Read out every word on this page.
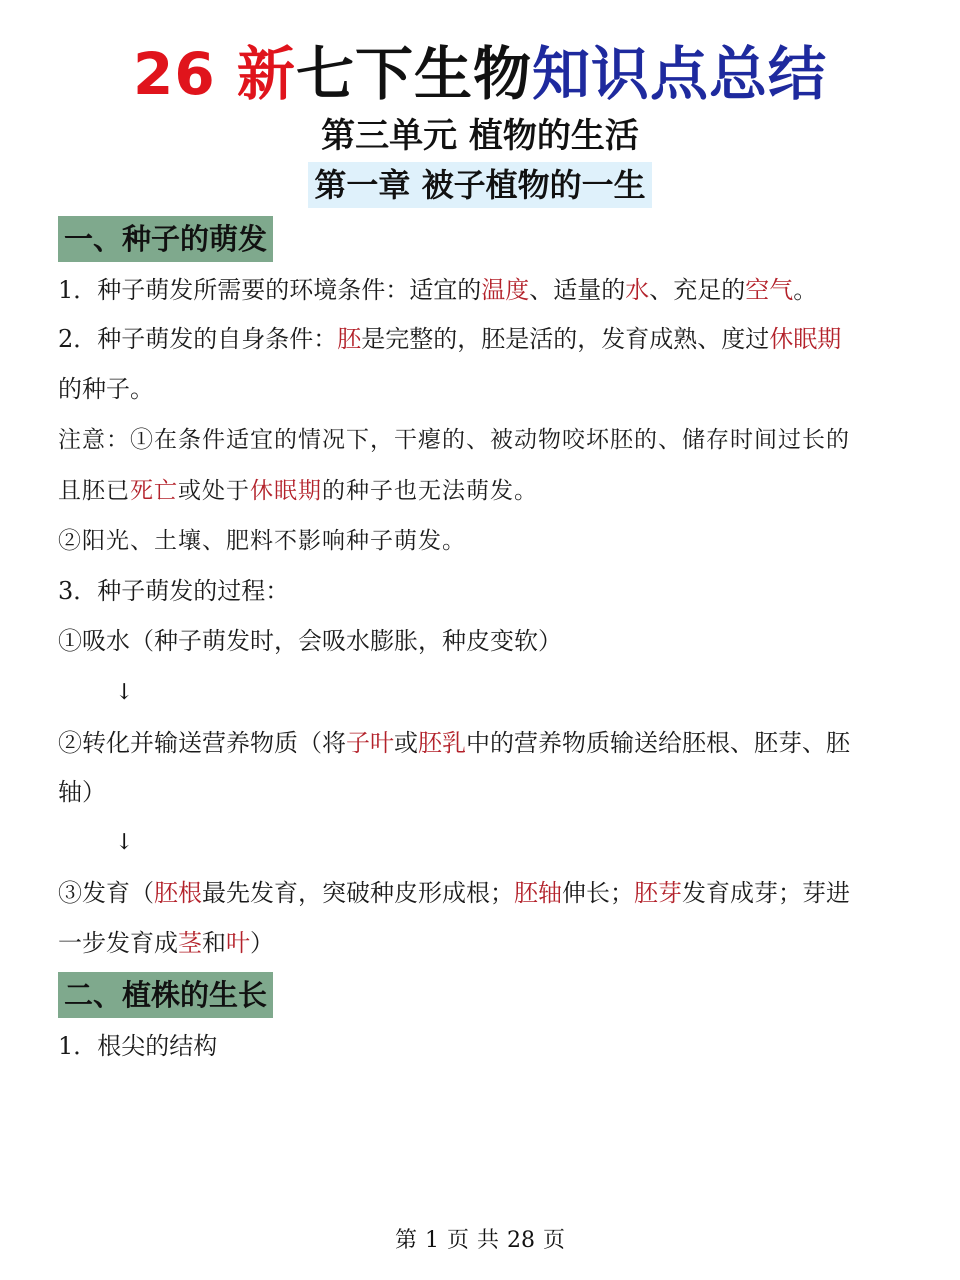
26 新七下生物知识点总结
第三单元 植物的生活
第一章 被子植物的一生
一、种子的萌发
1．种子萌发所需要的环境条件：适宜的温度、适量的水、充足的空气。
2．种子萌发的自身条件：胚是完整的，胚是活的，发育成熟、度过休眠期
的种子。
注意：①在条件适宜的情况下，干瘪的、被动物咬坏胚的、储存时间过长的
且胚已死亡或处于休眠期的种子也无法萌发。
②阳光、土壤、肥料不影响种子萌发。
3．种子萌发的过程：
①吸水（种子萌发时，会吸水膨胀，种皮变软）
↓
②转化并输送营养物质（将子叶或胚乳中的营养物质输送给胚根、胚芽、胚
轴）
↓
③发育（胚根最先发育，突破种皮形成根；胚轴伸长；胚芽发育成芽；芽进
一步发育成茎和叶）
二、植株的生长
1．根尖的结构
第 1 页 共 28 页
